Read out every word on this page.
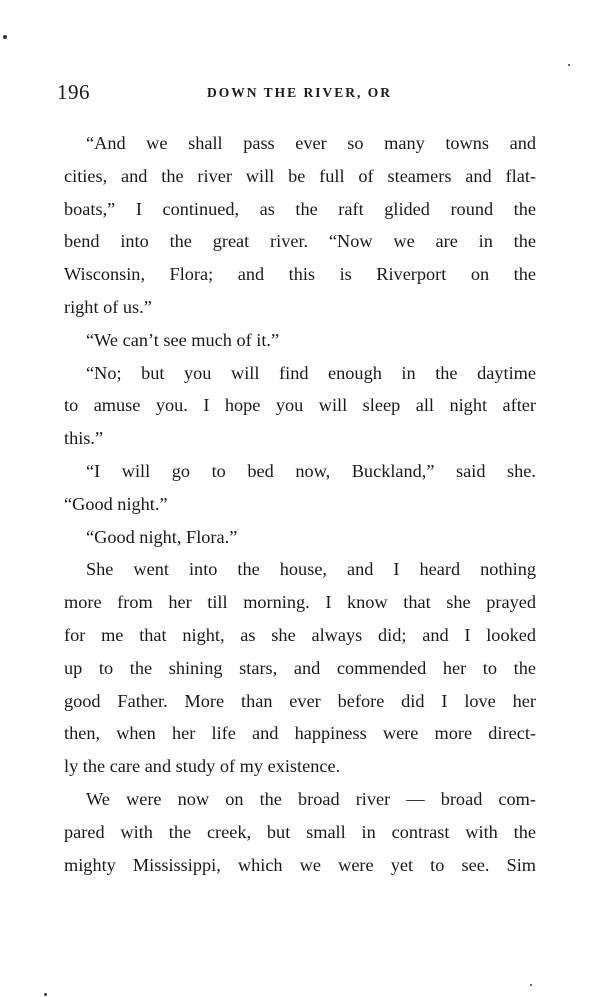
196	DOWN THE RIVER, OR
“And we shall pass ever so many towns and
cities, and the river will be full of steamers and flat-
boats,” I continued, as the raft glided round the
bend into the great river. “Now we are in the
Wisconsin, Flora; and this is Riverport on the
right of us.”
“We can’t see much of it.”
“No; but you will find enough in the daytime
to amuse you. I hope you will sleep all night after
this.”
“I will go to bed now, Buckland,” said she.
“Good night.”
“Good night, Flora.”
She went into the house, and I heard nothing
more from her till morning. I know that she prayed
for me that night, as she always did; and I looked
up to the shining stars, and commended her to the
good Father. More than ever before did I love her
then, when her life and happiness were more direct-
ly the care and study of my existence.
We were now on the broad river — broad com-
pared with the creek, but small in contrast with the
mighty Mississippi, which we were yet to see. Sim
